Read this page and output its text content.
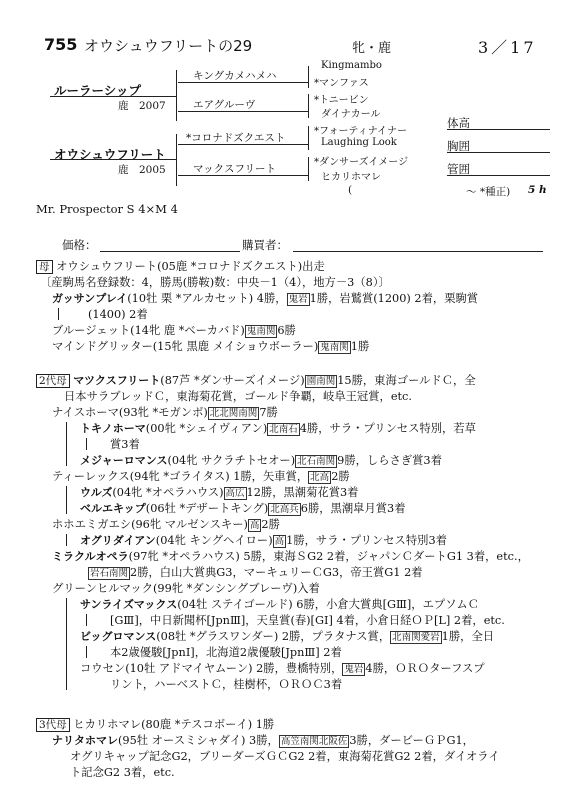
755 オウシュウフリートの29	牝・鹿	3／17
ルーラーシップ
鹿　2007
オウシュウフリート
鹿　2005
キングカメハメハ
エアグルーヴ
*コロナドズクエスト
マックスフリート
Kingmambo
*マンファス
*トニービン
ダイナカール
*フォーティナイナー
Laughing Look
*ダンサーズイメージ
ヒカリホマレ
体高
胸囲
管囲
(	～ *種正) 5 h
Mr. Prospector S 4×M 4
価格：	購買者：
母 オウシュウフリート(05鹿 *コロナドズクエスト)出走
〔産駒馬名登録数：4，勝馬(勝鞍)数：中央－1（4），地方－3（8）〕
ガッサンプレイ(10牡 栗 *アルカセット) 4勝， 鬼岩 1勝，岩鷲賞(1200) 2着，栗駒賞
(1400) 2着
ブルージェット(14牝 鹿 *ベーカバド) 鬼南関 6勝
マインドグリッター(15牝 黒鹿 メイショウボーラー) 鬼南関 1勝
2代母 マツクスフリート(87芦 *ダンサーズイメージ) 園南関 15勝，東海ゴールドＣ，全
日本サラブレッドＣ，東海菊花賞，ゴールド争覇，岐阜王冠賞，etc.
ナイスホーマ(93牝 *モガンボ) 北北関南関 7勝
トキノホーマ(00牝 *シェイヴィアン) 北南石 4勝，サラ・プリンセス特別，若草
賞3着
メジャーロマンス(04牝 サクラチトセオー) 北石南関 9勝，しらさぎ賞3着
ティーレックス(94牝 *ゴライタス) 1勝，矢車賞， 北高 2勝
ウルズ(04牝 *オペラハウス) 高広 12勝，黒潮菊花賞3着
ベルエキップ(06牡 *デザートキング) 北高兵 6勝，黒潮皐月賞3着
ホホエミガエシ(96牝 マルゼンスキー) 高 2勝
オグリダイアン(04牝 キングヘイロー) 高 1勝，サラ・プリンセス特別3着
ミラクルオペラ(97牝 *オペラハウス) 5勝，東海ＳG2 2着，ジャパンＣダートG1 3着，etc.，
岩石南関 2勝，白山大賞典G3，マーキュリーＣG3，帝王賞G1 2着
グリーンヒルマック(99牝 *ダンシングブレーヴ)入着
サンライズマックス(04牡 ステイゴールド) 6勝，小倉大賞典[GⅢ]，エプソムＣ
[GⅢ]，中日新聞杯[JpnⅢ]，天皇賞(春)[GⅠ] 4着，小倉日経ＯＰ[L] 2着，etc.
ビッグロマンス(08牡 *グラスワンダー) 2勝，プラタナス賞， 北南関愛岩 1勝，全日
本2歳優駿[JpnⅠ]，北海道2歳優駿[JpnⅢ] 2着
コウセン(10牡 アドマイヤムーン) 2勝，豊橋特別， 鬼岩 4勝，ＯＲＯターフスプ
リント，ハーベストＣ，桂樹杯，ＯＲＯＣ3着
3代母 ヒカリホマレ(80鹿 *テスコボーイ) 1勝
ナリタホマレ(95牡 オースミシャダイ) 3勝， 高笠南関北阪佐 3勝，ダービーＧＰG1，
オグリキャップ記念G2，ブリーダーズＧＣG2 2着，東海菊花賞G2 2着，ダイオライ
ト記念G2 3着，etc.
